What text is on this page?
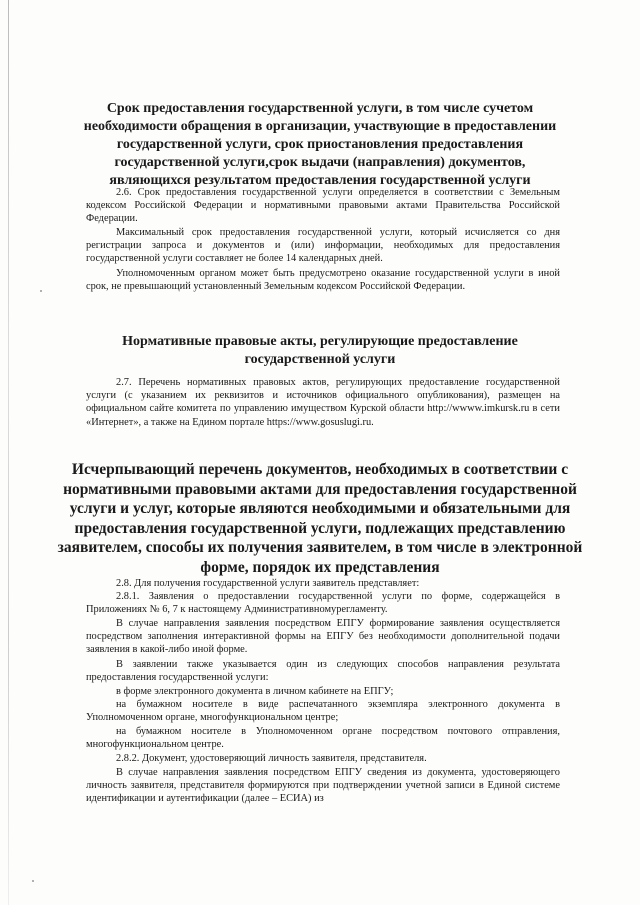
Срок предоставления государственной услуги, в том числе сучетом
необходимости обращения в организации, участвующие в предоставлении
государственной услуги, срок приостановления предоставления
государственной услуги,срок выдачи (направления) документов,
являющихся результатом предоставления государственной услуги
2.6. Срок предоставления государственной услуги определяется в соответствии с Земельным кодексом Российской Федерации и нормативными правовыми актами Правительства Российской Федерации.
Максимальный срок предоставления государственной услуги, который исчисляется со дня регистрации запроса и документов и (или) информации, необходимых для предоставления государственной услуги составляет не более 14 календарных дней.
Уполномоченным органом может быть предусмотрено оказание государственной услуги в иной срок, не превышающий установленный Земельным кодексом Российской Федерации.
Нормативные правовые акты, регулирующие предоставление
государственной услуги
2.7. Перечень нормативных правовых актов, регулирующих предоставление государственной услуги (с указанием их реквизитов и источников официального опубликования), размещен на официальном сайте комитета по управлению имуществом Курской области http://wwww.imkursk.ru в сети «Интернет», а также на Едином портале https://www.gosuslugi.ru.
Исчерпывающий перечень документов, необходимых в соответствии с
нормативными правовыми актами для предоставления государственной
услуги и услуг, которые являются необходимыми и обязательными для
предоставления государственной услуги, подлежащих представлению
заявителем, способы их получения заявителем, в том числе в электронной
форме, порядок их представления
2.8. Для получения государственной услуги заявитель представляет:
2.8.1. Заявления о предоставлении государственной услуги по форме, содержащейся в Приложениях № 6, 7 к настоящему Административномурегламенту.
В случае направления заявления посредством ЕПГУ формирование заявления осуществляется посредством заполнения интерактивной формы на ЕПГУ без необходимости дополнительной подачи заявления в какой-либо иной форме.
В заявлении также указывается один из следующих способов направления результата предоставления государственной услуги:
в форме электронного документа в личном кабинете на ЕПГУ;
на бумажном носителе в виде распечатанного экземпляра электронного документа в Уполномоченном органе, многофункциональном центре;
на бумажном носителе в Уполномоченном органе посредством почтового отправления, многофункциональном центре.
2.8.2. Документ, удостоверяющий личность заявителя, представителя.
В случае направления заявления посредством ЕПГУ сведения из документа, удостоверяющего личность заявителя, представителя формируются при подтверждении учетной записи в Единой системе идентификации и аутентификации (далее – ЕСИА) из
